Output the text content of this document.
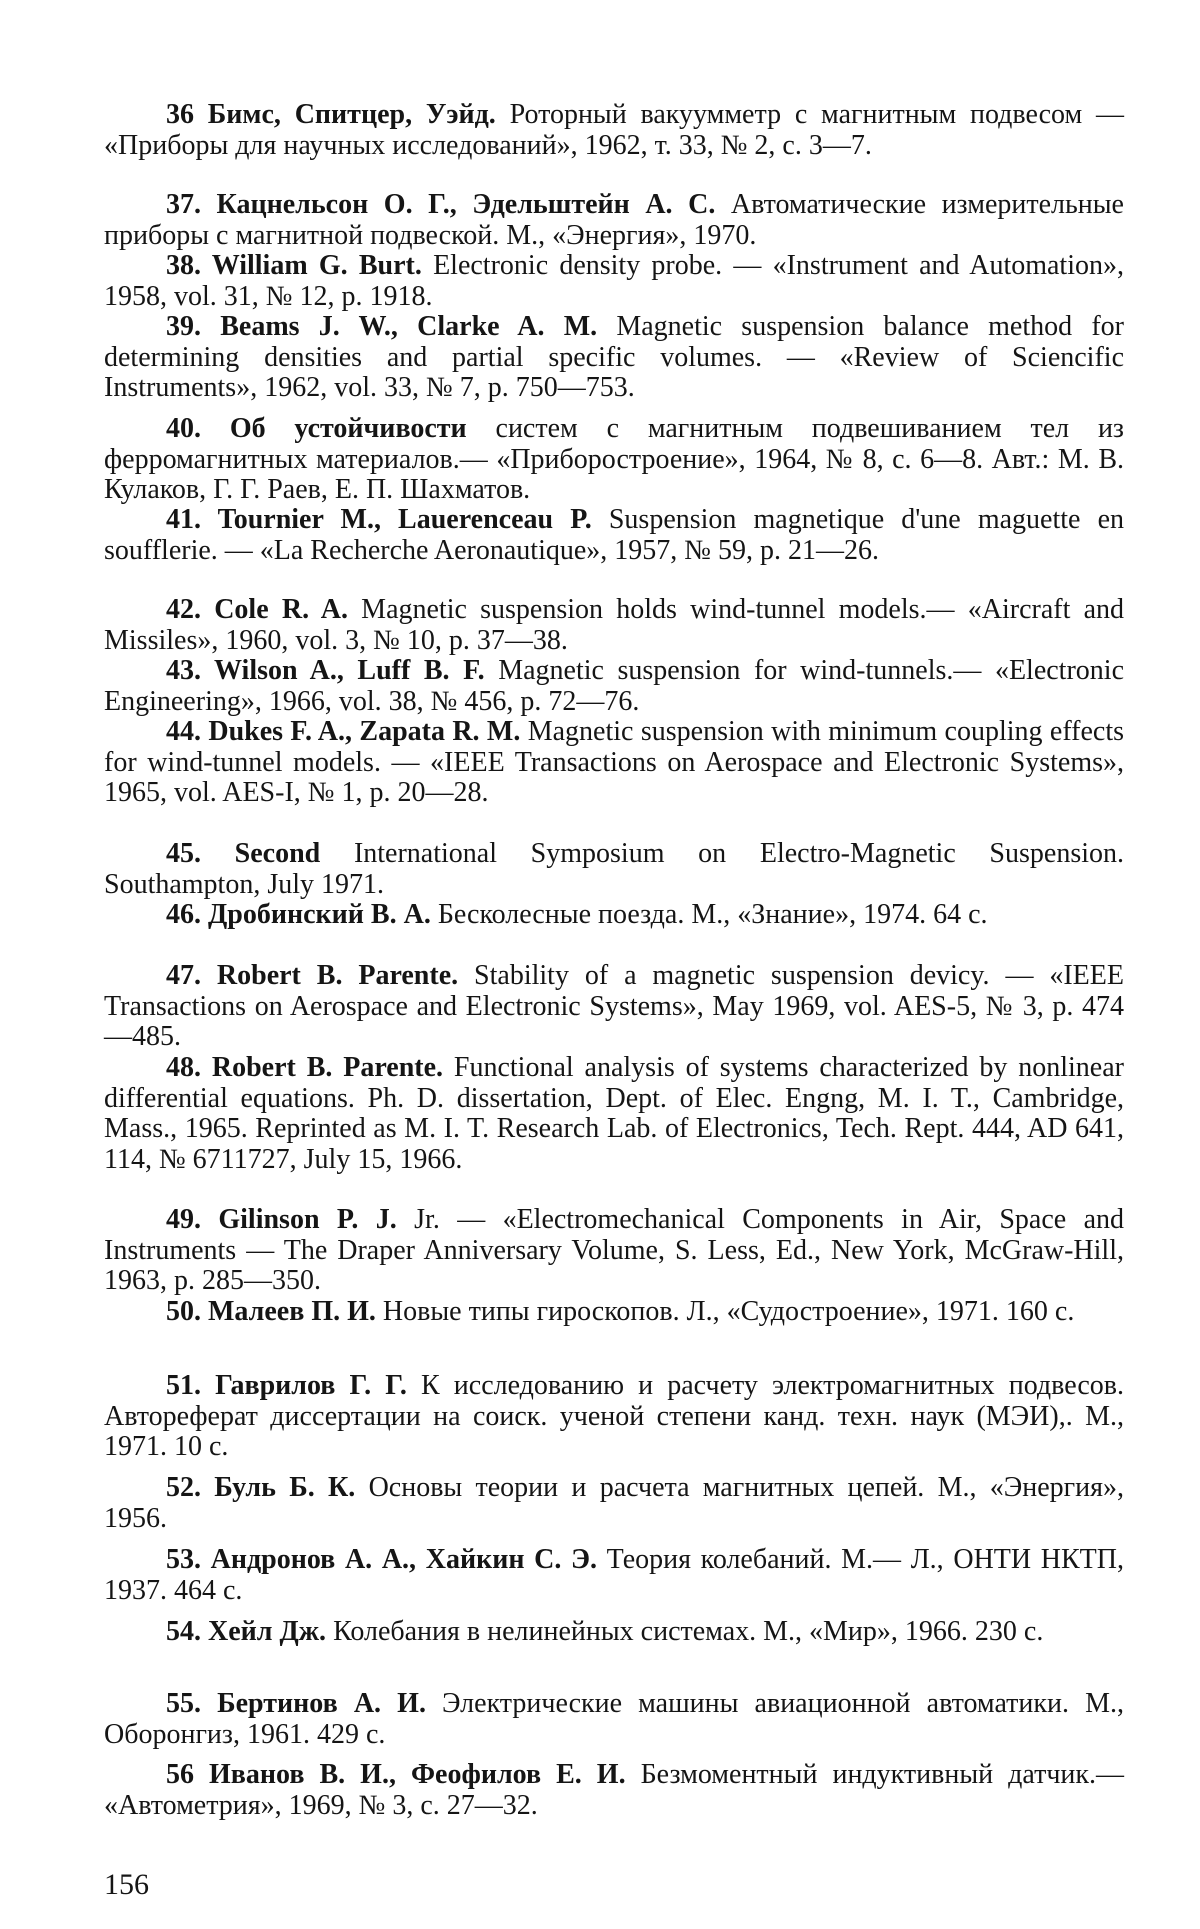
36 Бимс, Спитцер, Уэйд. Роторный вакуумметр с магнитным подвесом — «Приборы для научных исследований», 1962, т. 33, № 2, с. 3—7.

37. Кацнельсон О. Г., Эдельштейн А. С. Автоматические измерительные приборы с магнитной подвеской. М., «Энергия», 1970.

38. William G. Burt. Electronic density probe. — «Instrument and Automation», 1958, vol. 31, № 12, p. 1918.

39. Beams J. W., Clarke A. M. Magnetic suspension balance method for determining densities and partial specific volumes. — «Review of Sciencific Instruments», 1962, vol. 33, № 7, p. 750—753.

40. Об устойчивости систем с магнитным подвешиванием тел из ферромагнитных материалов.— «Приборостроение», 1964, № 8, с. 6—8. Авт.: М. В. Кулаков, Г. Г. Раев, Е. П. Шахматов.

41. Tournier M., Lauerenceau P. Suspension magnetique d'une maguette en soufflerie. — «La Recherche Aeronautique», 1957, № 59, p. 21—26.

42. Cole R. A. Magnetic suspension holds wind-tunnel models.— «Aircraft and Missiles», 1960, vol. 3, № 10, p. 37—38.

43. Wilson A., Luff B. F. Magnetic suspension for wind-tunnels.— «Electronic Engineering», 1966, vol. 38, № 456, p. 72—76.

44. Dukes F. A., Zapata R. M. Magnetic suspension with minimum coupling effects for wind-tunnel models. — «IEEE Transactions on Aerospace and Electronic Systems», 1965, vol. AES-I, № 1, p. 20—28.

45. Second International Symposium on Electro-Magnetic Suspension. Southampton, July 1971.

46. Дробинский В. А. Бесколесные поезда. М., «Знание», 1974. 64 с.

47. Robert B. Parente. Stability of a magnetic suspension devicy. — «IEEE Transactions on Aerospace and Electronic Systems», May 1969, vol. AES-5, № 3, p. 474—485.

48. Robert B. Parente. Functional analysis of systems characterized by nonlinear differential equations. Ph. D. dissertation, Dept. of Elec. Engng, M. I. T., Cambridge, Mass., 1965. Reprinted as M. I. T. Research Lab. of Electronics, Tech. Rept. 444, AD 641, 114, № 6711727, July 15, 1966.

49. Gilinson P. J. Jr. — «Electromechanical Components in Air, Space and Instruments — The Draper Anniversary Volume, S. Less, Ed., New York, McGraw-Hill, 1963, p. 285—350.

50. Малеев П. И. Новые типы гироскопов. Л., «Судостроение», 1971. 160 с.

51. Гаврилов Г. Г. К исследованию и расчету электромагнитных подвесов. Автореферат диссертации на соиск. ученой степени канд. техн. наук (МЭИ),. М., 1971. 10 с.

52. Буль Б. К. Основы теории и расчета магнитных цепей. М., «Энергия», 1956.

53. Андронов А. А., Хайкин С. Э. Теория колебаний. М.— Л., ОНТИ НКТП, 1937. 464 с.

54. Хейл Дж. Колебания в нелинейных системах. М., «Мир», 1966. 230 с.

55. Бертинов А. И. Электрические машины авиационной автоматики. М., Оборонгиз, 1961. 429 с.

56 Иванов В. И., Феофилов Е. И. Безмоментный индуктивный датчик.— «Автометрия», 1969, № 3, с. 27—32.

156
